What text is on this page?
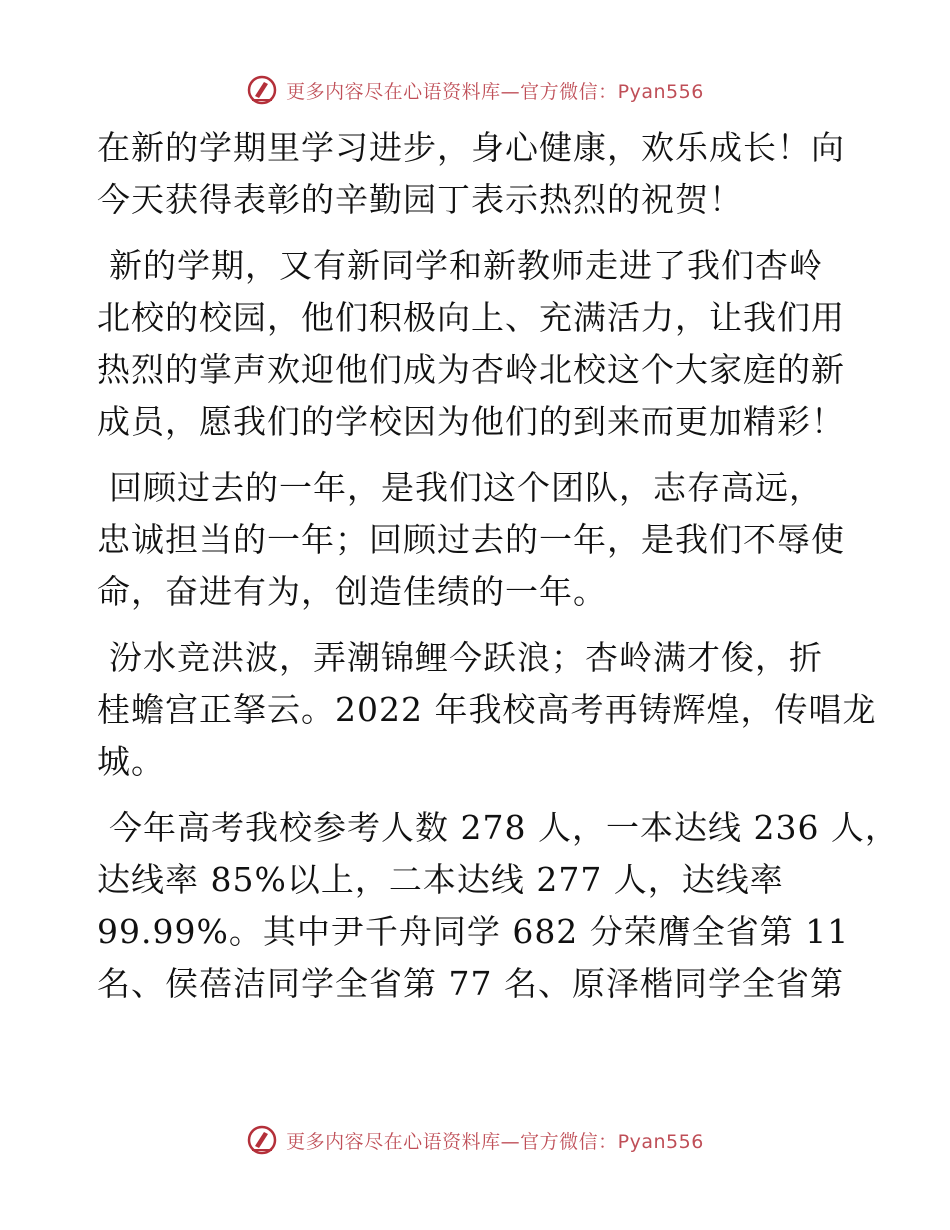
更多内容尽在心语资料库—官方微信：Pyan556
在新的学期里学习进步，身心健康，欢乐成长！向
今天获得表彰的辛勤园丁表示热烈的祝贺！
新的学期，又有新同学和新教师走进了我们杏岭
北校的校园，他们积极向上、充满活力，让我们用
热烈的掌声欢迎他们成为杏岭北校这个大家庭的新
成员，愿我们的学校因为他们的到来而更加精彩！
回顾过去的一年，是我们这个团队，志存高远，
忠诚担当的一年；回顾过去的一年，是我们不辱使
命，奋进有为，创造佳绩的一年。
汾水竞洪波，弄潮锦鲤今跃浪；杏岭满才俊，折
桂蟾宫正拏云。2022 年我校高考再铸辉煌，传唱龙
城。
今年高考我校参考人数 278 人，一本达线 236 人，
达线率 85%以上，二本达线 277 人，达线率
99.99%。其中尹千舟同学 682 分荣膺全省第 11
名、侯蓓洁同学全省第 77 名、原泽楷同学全省第
更多内容尽在心语资料库—官方微信：Pyan556
